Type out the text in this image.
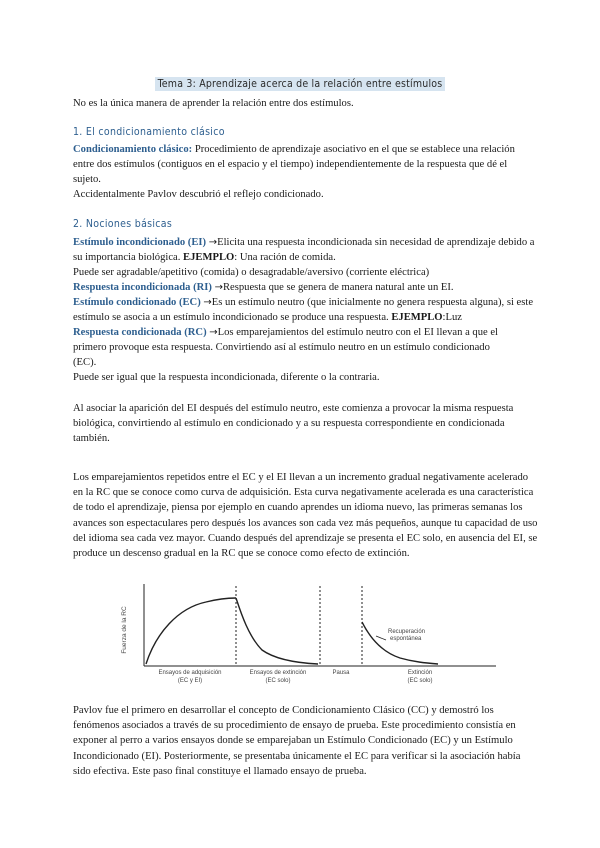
Tema 3: Aprendizaje acerca de la relación entre estímulos
No es la única manera de aprender la relación entre dos estímulos.
1. El condicionamiento clásico
Condicionamiento clásico: Procedimiento de aprendizaje asociativo en el que se establece una relación entre dos estímulos (contiguos en el espacio y el tiempo) independientemente de la respuesta que dé el sujeto.
Accidentalmente Pavlov descubrió el reflejo condicionado.
2. Nociones básicas
Estímulo incondicionado (EI) →Elicita una respuesta incondicionada sin necesidad de aprendizaje debido a su importancia biológica. EJEMPLO: Una ración de comida.
Puede ser agradable/apetitivo (comida) o desagradable/aversivo (corriente eléctrica)
Respuesta incondicionada (RI) →Respuesta que se genera de manera natural ante un EI.
Estímulo condicionado (EC) →Es un estímulo neutro (que inicialmente no genera respuesta alguna), si este estímulo se asocia a un estímulo incondicionado se produce una respuesta. EJEMPLO:Luz
Respuesta condicionada (RC) →Los emparejamientos del estímulo neutro con el EI llevan a que el primero provoque esta respuesta. Convirtiendo así al estímulo neutro en un estímulo condicionado (EC).
Puede ser igual que la respuesta incondicionada, diferente o la contraria.
Al asociar la aparición del EI después del estímulo neutro, este comienza a provocar la misma respuesta biológica, convirtiendo al estímulo en condicionado y a su respuesta correspondiente en condicionada también.
Los emparejamientos repetidos entre el EC y el EI llevan a un incremento gradual negativamente acelerado en la RC que se conoce como curva de adquisición. Esta curva negativamente acelerada es una característica de todo el aprendizaje, piensa por ejemplo en cuando aprendes un idioma nuevo, las primeras semanas los avances son espectaculares pero después los avances son cada vez más pequeños, aunque tu capacidad de uso del idioma sea cada vez mayor. Cuando después del aprendizaje se presenta el EC solo, en ausencia del EI, se produce un descenso gradual en la RC que se conoce como efecto de extinción.
Fuerza de la RC	Recuperación
espontánea
Ensayos de adquisición
(EC y EI)
Ensayos de extinción
(EC solo)
Pausa	Extinción
(EC solo)
Pavlov fue el primero en desarrollar el concepto de Condicionamiento Clásico (CC) y demostró los fenómenos asociados a través de su procedimiento de ensayo de prueba. Este procedimiento consistía en exponer al perro a varios ensayos donde se emparejaban un Estímulo Condicionado (EC) y un Estímulo Incondicionado (EI). Posteriormente, se presentaba únicamente el EC para verificar si la asociación había sido efectiva. Este paso final constituye el llamado ensayo de prueba.
